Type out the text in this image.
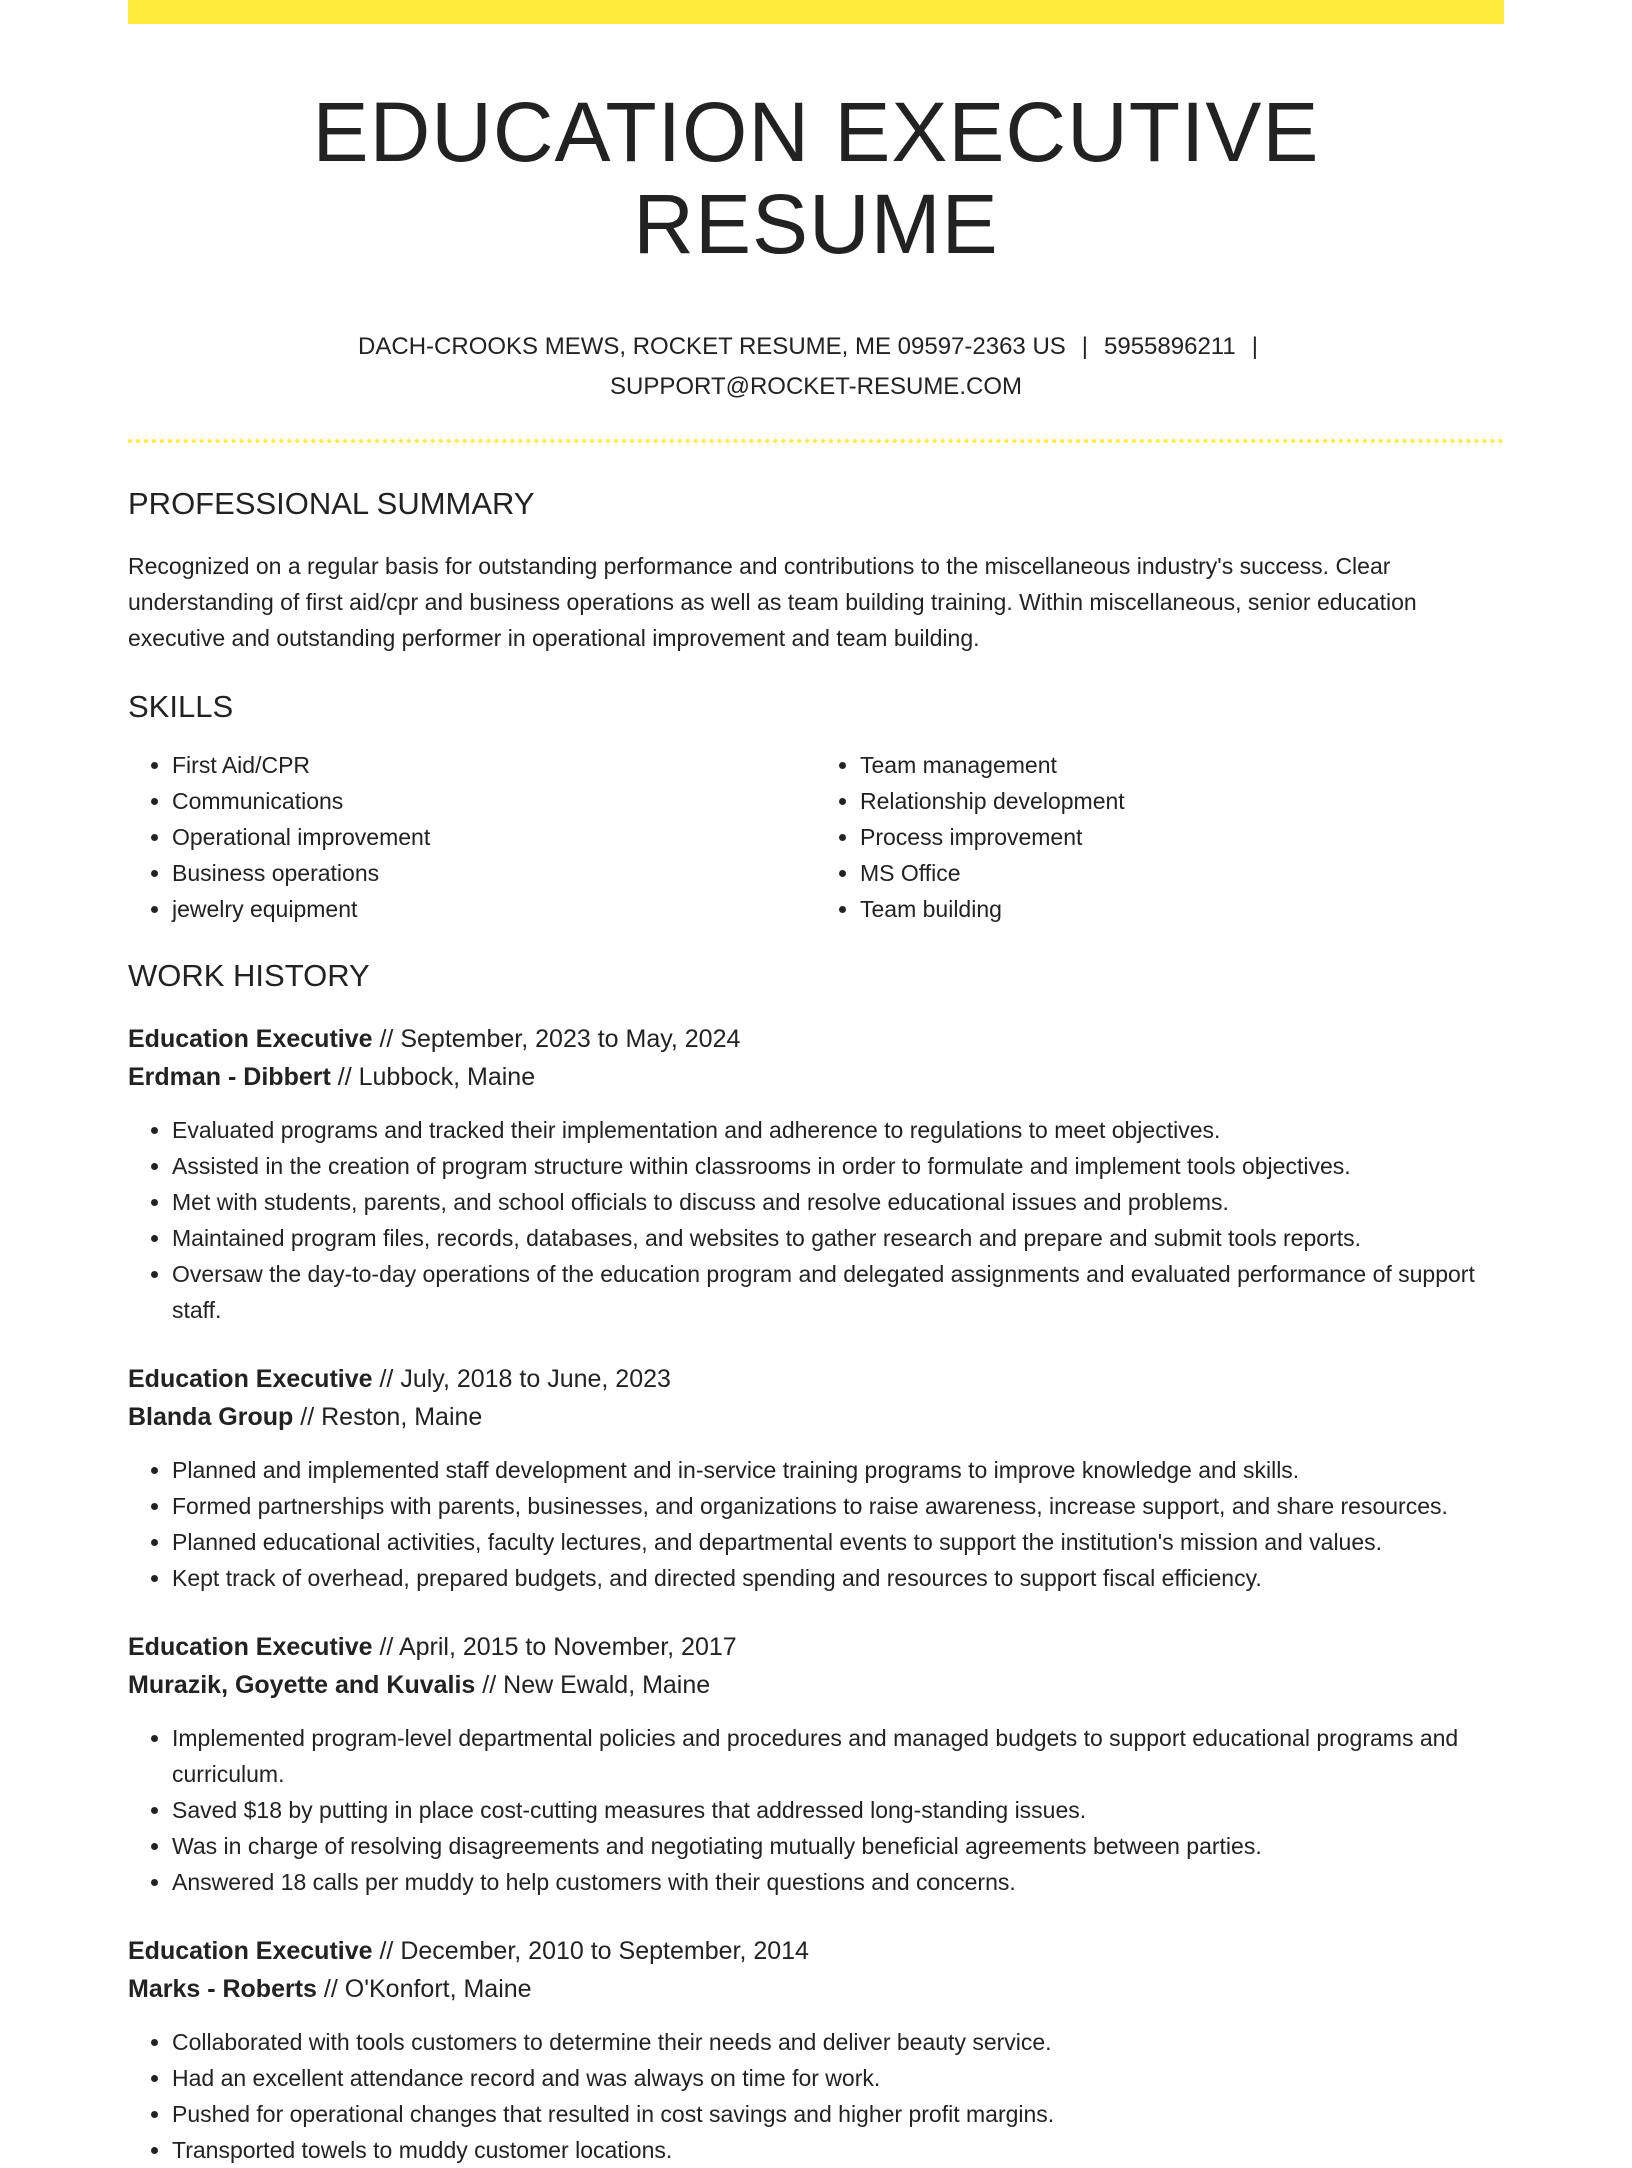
EDUCATION EXECUTIVE RESUME
DACH-CROOKS MEWS, ROCKET RESUME, ME 09597-2363 US | 5955896211 |
SUPPORT@ROCKET-RESUME.COM
PROFESSIONAL SUMMARY

Recognized on a regular basis for outstanding performance and contributions to the miscellaneous industry's success. Clear understanding of first aid/cpr and business operations as well as team building training. Within miscellaneous, senior education executive and outstanding performer in operational improvement and team building.

SKILLS
• First Aid/CPR
• Communications
• Operational improvement
• Business operations
• jewelry equipment
• Team management
• Relationship development
• Process improvement
• MS Office
• Team building
WORK HISTORY
Education Executive // September, 2023 to May, 2024
Erdman - Dibbert // Lubbock, Maine
• Evaluated programs and tracked their implementation and adherence to regulations to meet objectives.
• Assisted in the creation of program structure within classrooms in order to formulate and implement tools objectives.
• Met with students, parents, and school officials to discuss and resolve educational issues and problems.
• Maintained program files, records, databases, and websites to gather research and prepare and submit tools reports.
• Oversaw the day-to-day operations of the education program and delegated assignments and evaluated performance of support staff.
Education Executive // July, 2018 to June, 2023
Blanda Group // Reston, Maine
• Planned and implemented staff development and in-service training programs to improve knowledge and skills.
• Formed partnerships with parents, businesses, and organizations to raise awareness, increase support, and share resources.
• Planned educational activities, faculty lectures, and departmental events to support the institution's mission and values.
• Kept track of overhead, prepared budgets, and directed spending and resources to support fiscal efficiency.
Education Executive // April, 2015 to November, 2017
Murazik, Goyette and Kuvalis // New Ewald, Maine
• Implemented program-level departmental policies and procedures and managed budgets to support educational programs and curriculum.
• Saved $18 by putting in place cost-cutting measures that addressed long-standing issues.
• Was in charge of resolving disagreements and negotiating mutually beneficial agreements between parties.
• Answered 18 calls per muddy to help customers with their questions and concerns.
Education Executive // December, 2010 to September, 2014
Marks - Roberts // O'Konfort, Maine
• Collaborated with tools customers to determine their needs and deliver beauty service.
• Had an excellent attendance record and was always on time for work.
• Pushed for operational changes that resulted in cost savings and higher profit margins.
• Transported towels to muddy customer locations.
